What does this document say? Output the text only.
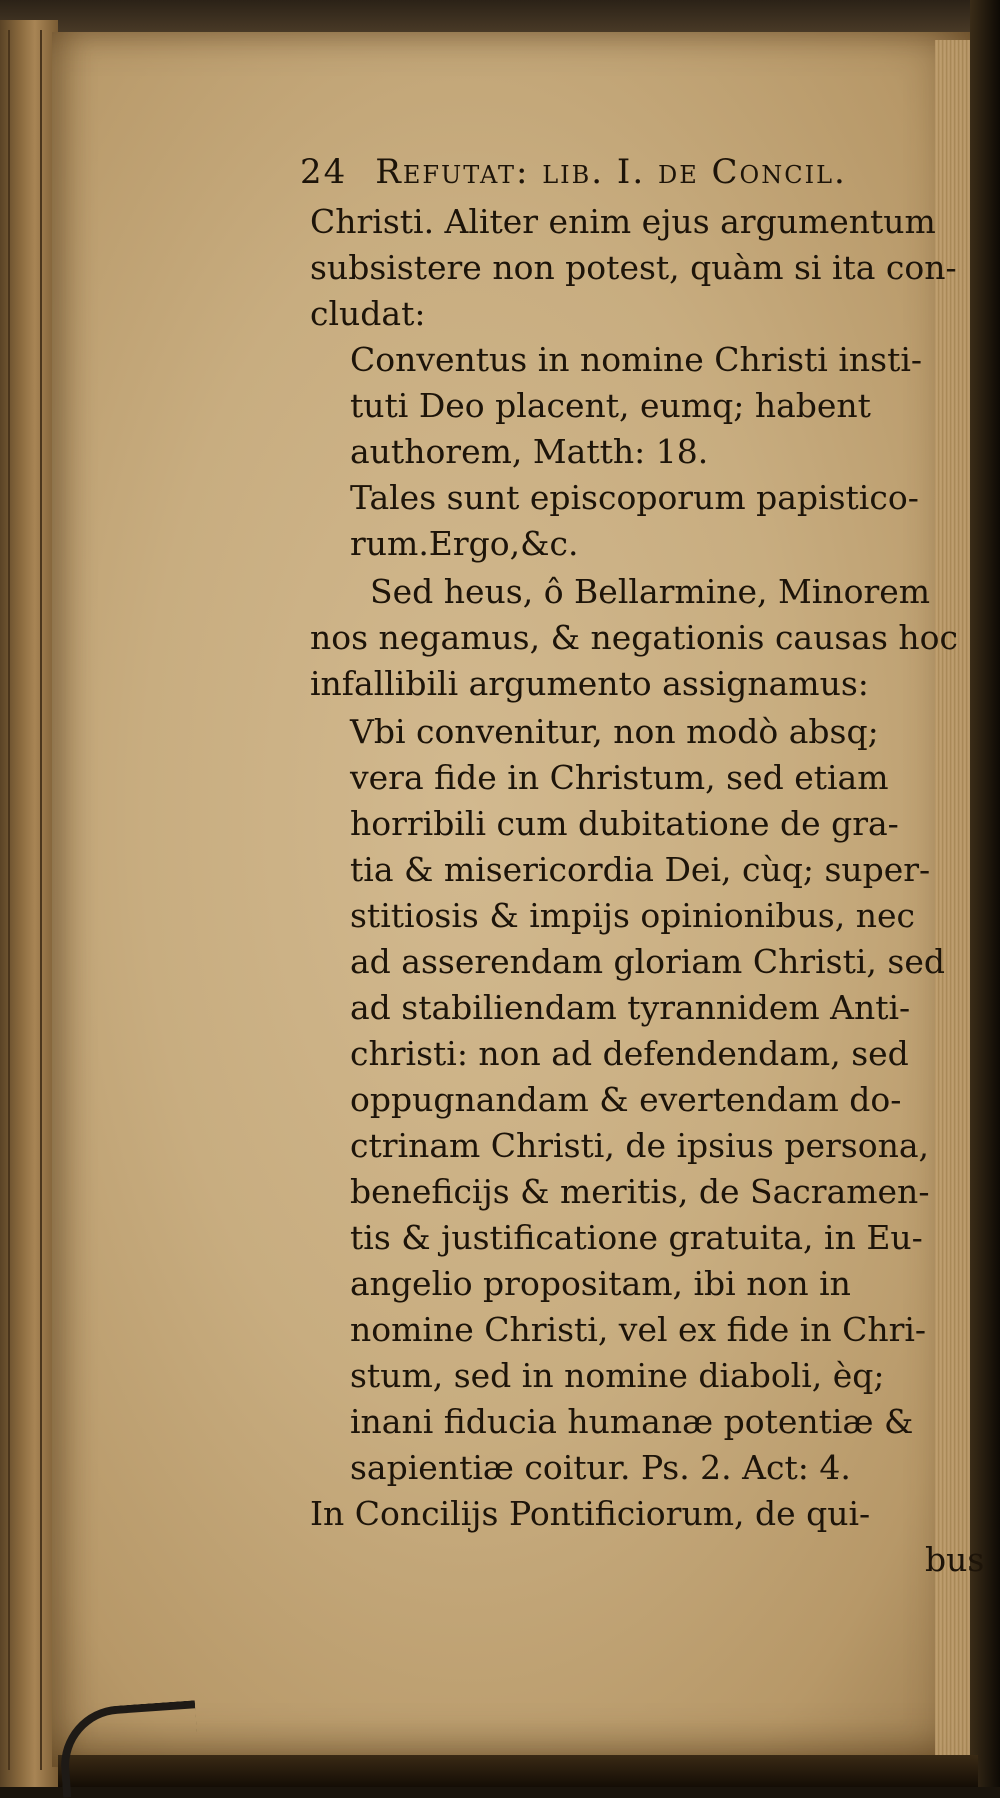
24 Refutat: lib. I. de Concil.
Christi. Aliter enim ejus argumentum
subsistere non potest, quàm si ita con-
cludat:
Conventus in nomine Christi insti-
tuti Deo placent, eumq; habent
authorem, Matth: 18.
Tales sunt episcoporum papistico-
rum.Ergo,&c.
Sed heus, ô Bellarmine, Minorem
nos negamus, & negationis causas hoc
infallibili argumento assignamus:
Vbi convenitur, non modò absq;
vera fide in Christum, sed etiam
horribili cum dubitatione de gra-
tia & misericordia Dei, cùq; super-
stitiosis & impijs opinionibus, nec
ad asserendam gloriam Christi, sed
ad stabiliendam tyrannidem Anti-
christi: non ad defendendam, sed
oppugnandam & evertendam do-
ctrinam Christi, de ipsius persona,
beneficijs & meritis, de Sacramen-
tis & justificatione gratuita, in Eu-
angelio propositam, ibi non in
nomine Christi, vel ex fide in Chri-
stum, sed in nomine diaboli, èq;
inani fiducia humanæ potentiæ &
sapientiæ coitur. Ps. 2. Act: 4.
In Concilijs Pontificiorum, de qui-
bus
